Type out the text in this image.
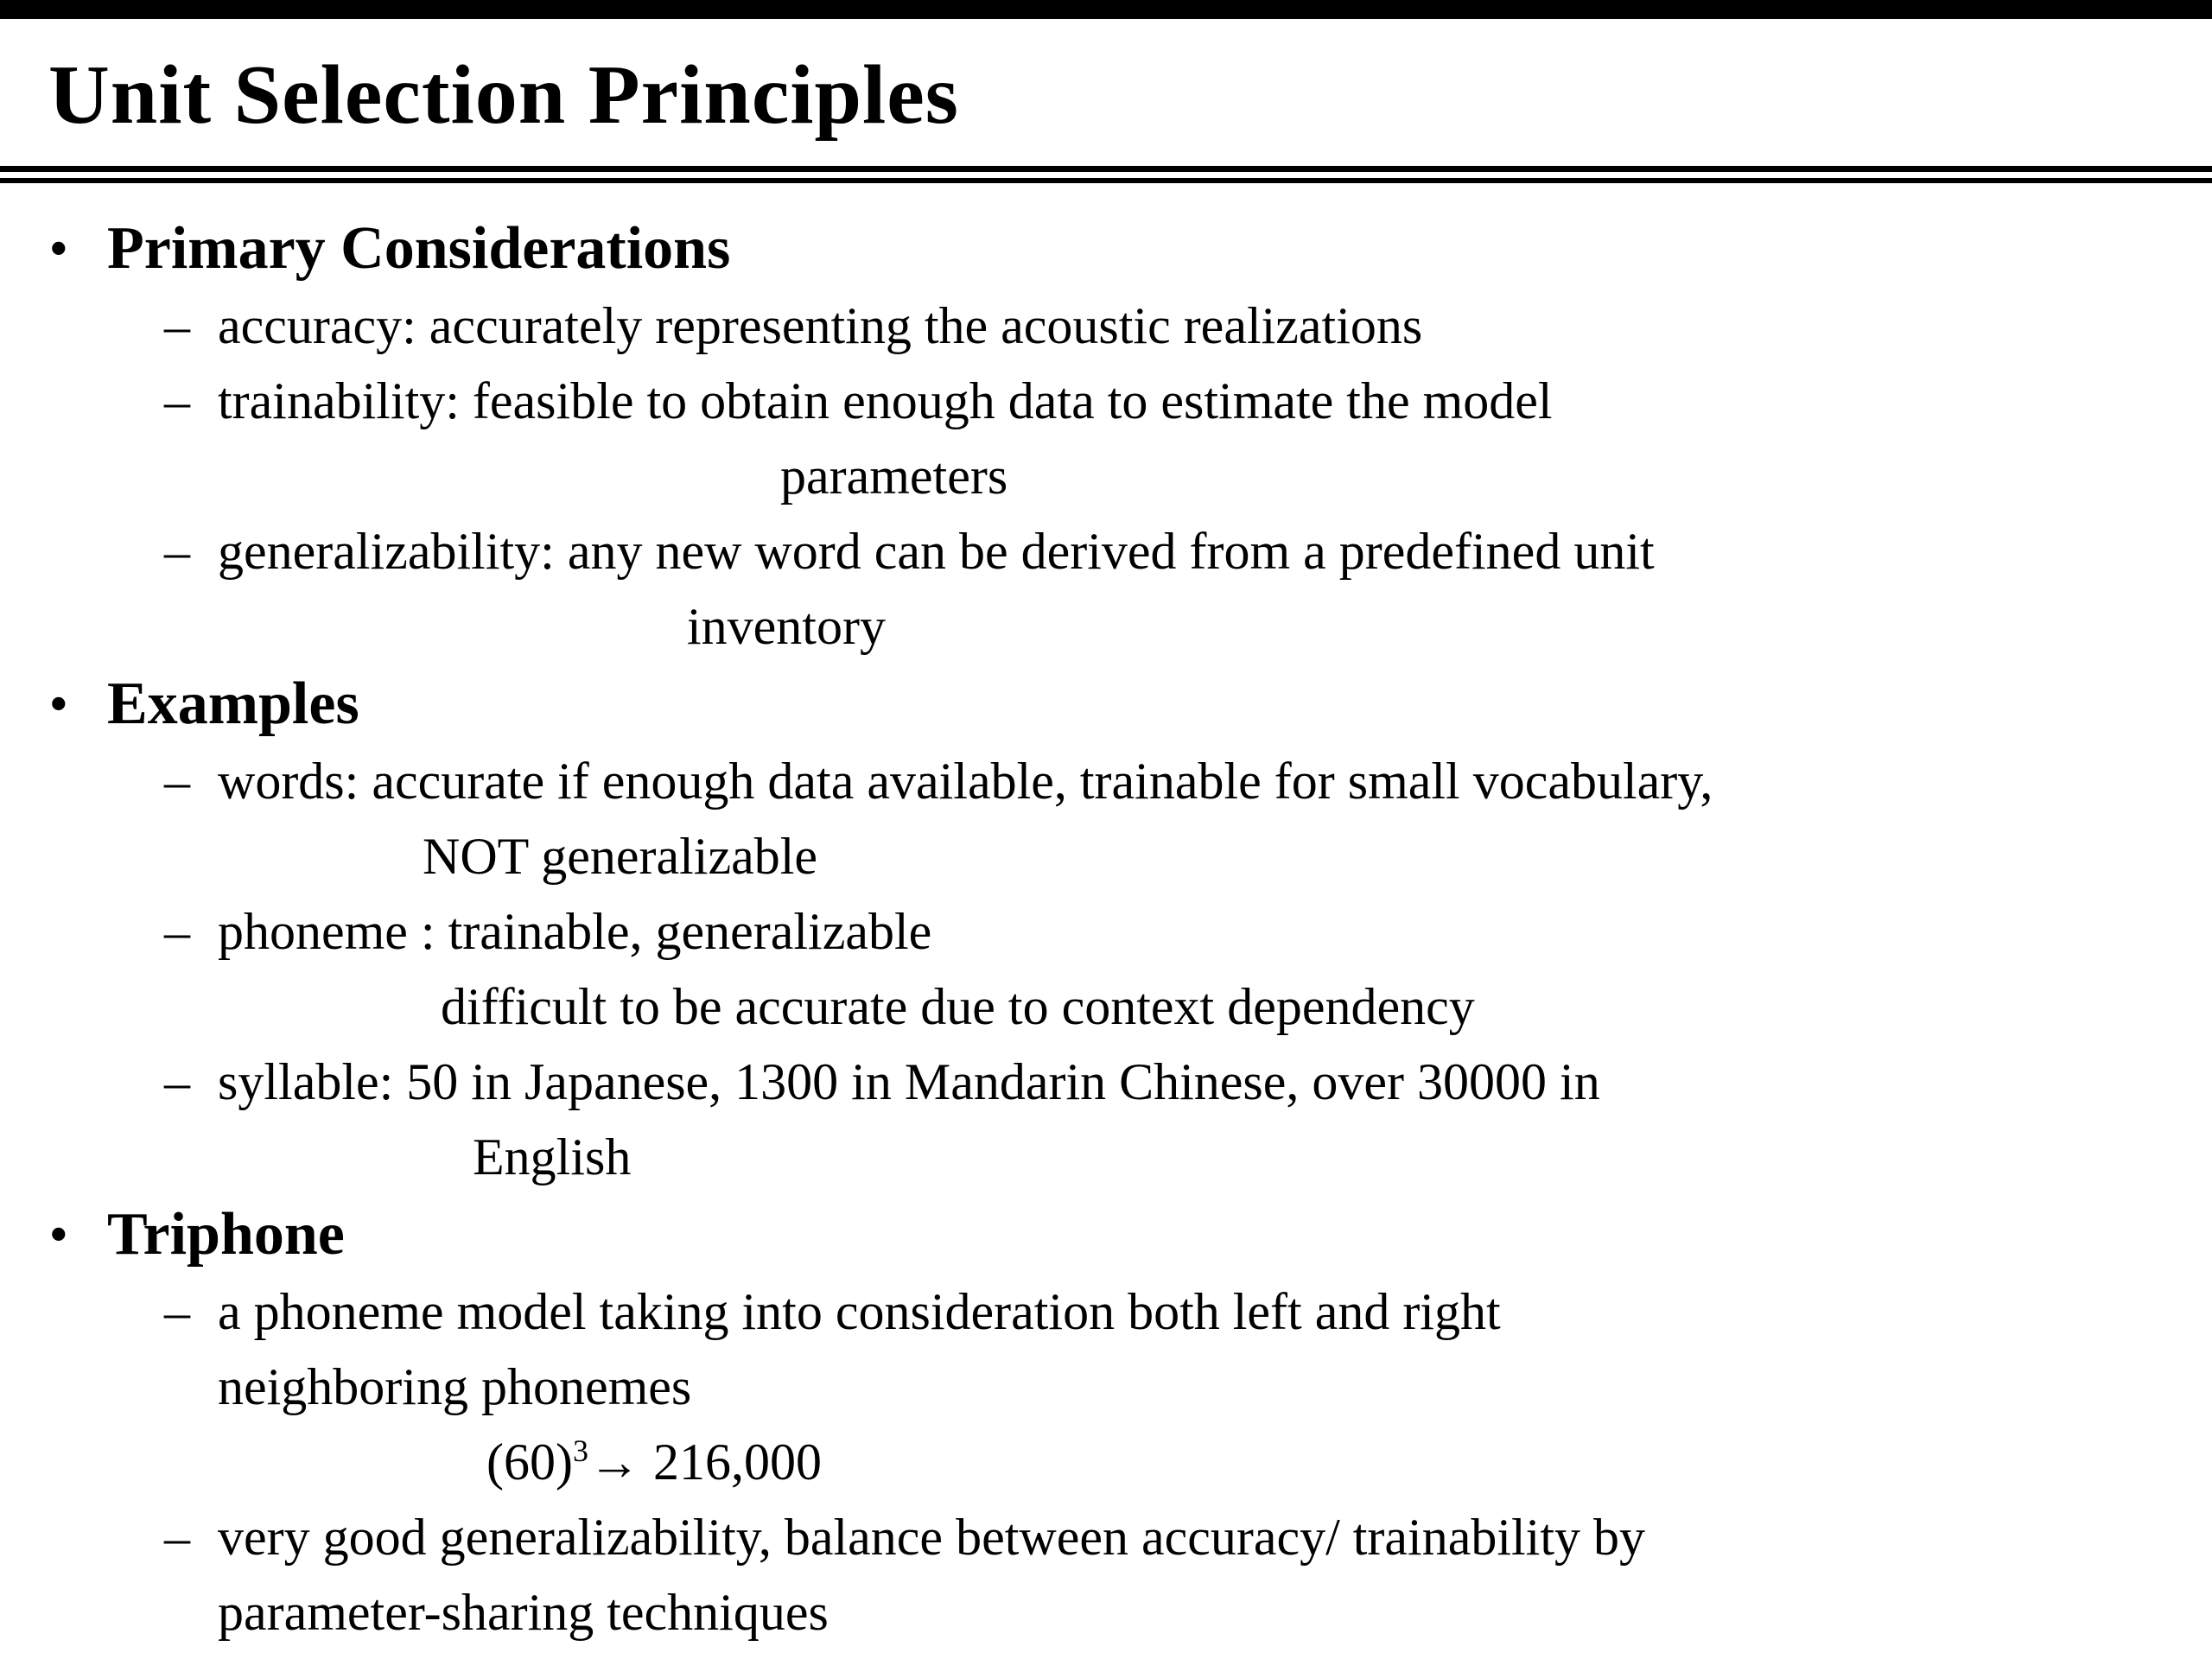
Unit Selection Principles
• Primary Considerations
– accuracy: accurately representing the acoustic realizations
– trainability: feasible to obtain enough data to estimate the model
parameters
– generalizability: any new word can be derived from a predefined unit
inventory
• Examples
– words: accurate if enough data available, trainable for small vocabulary,
NOT generalizable
– phoneme : trainable, generalizable
difficult to be accurate due to context dependency
– syllable: 50 in Japanese, 1300 in Mandarin Chinese, over 30000 in
English
• Triphone
– a phoneme model taking into consideration both left and right
neighboring phonemes
$(60)^3\to 216,000$
– very good generalizability, balance between accuracy/ trainability by
parameter-sharing techniques
